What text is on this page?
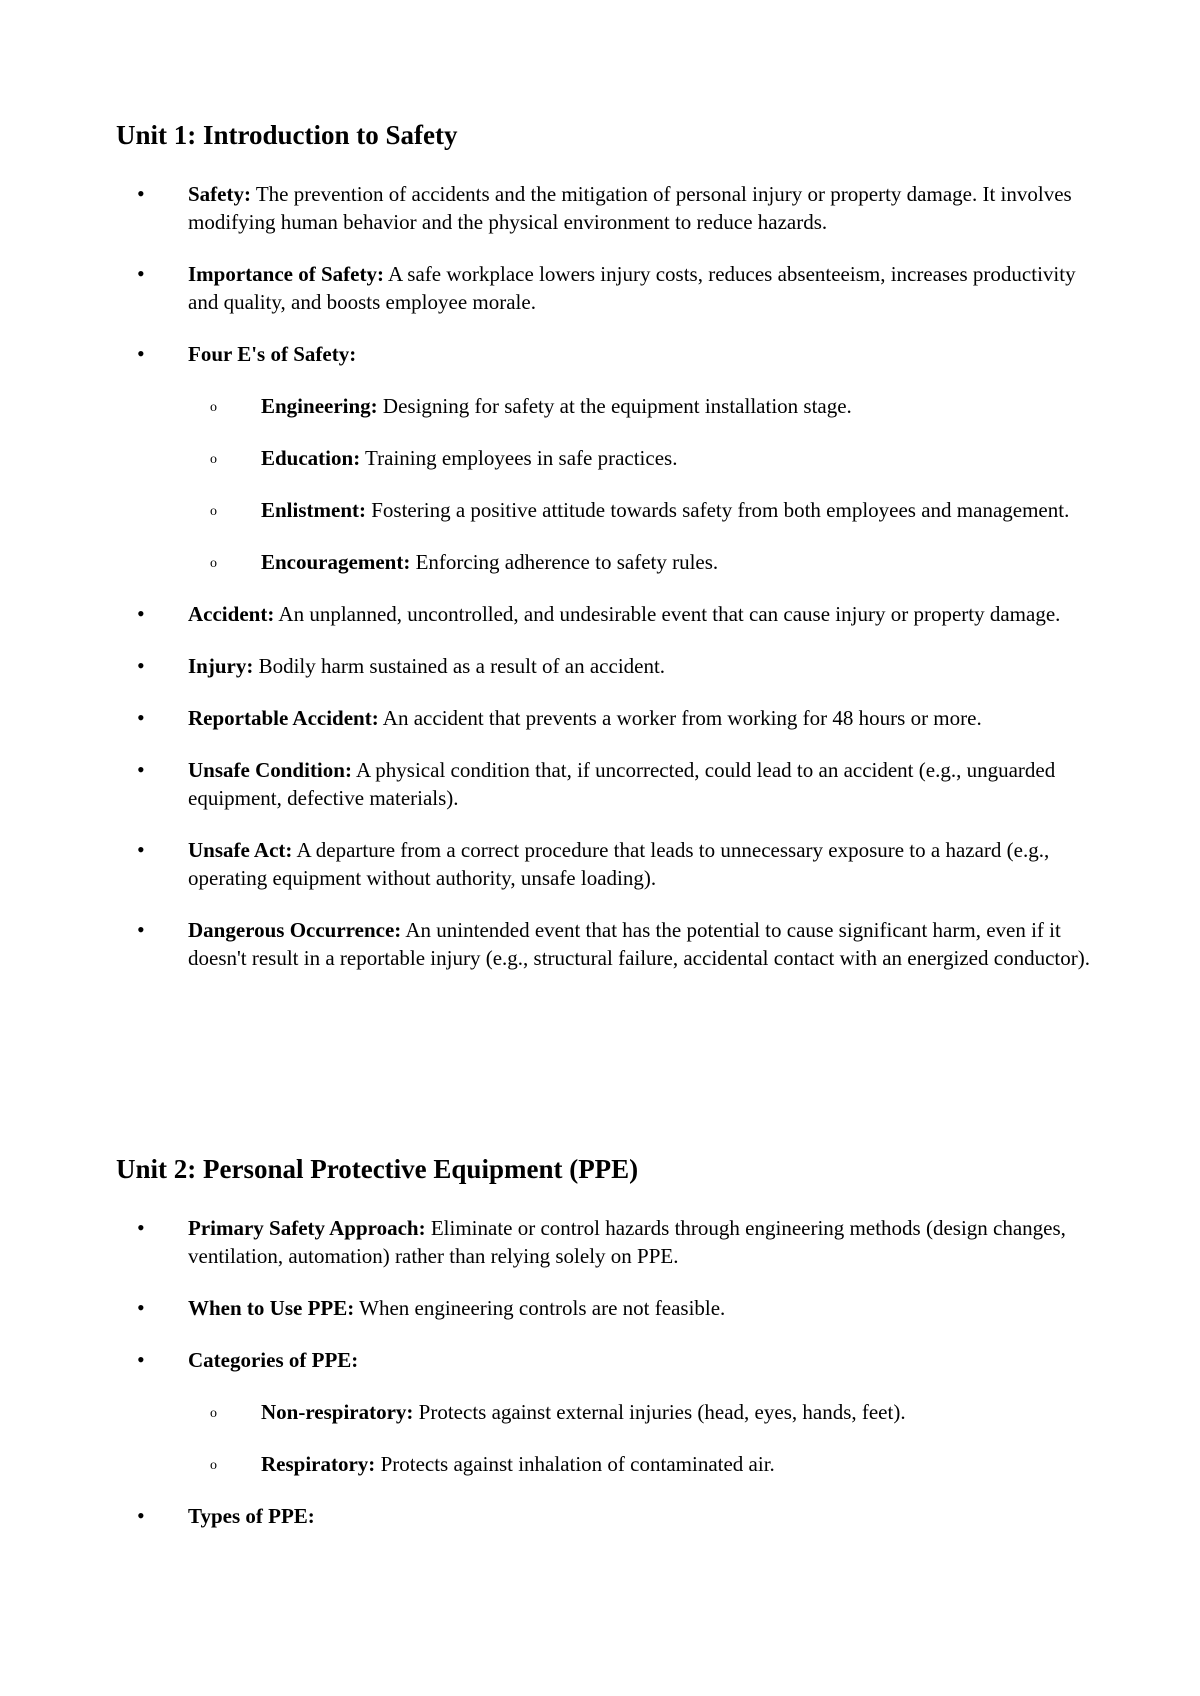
Unit 1: Introduction to Safety
•	Safety: The prevention of accidents and the mitigation of personal injury or property damage. It involves modifying human behavior and the physical environment to reduce hazards.
•	Importance of Safety: A safe workplace lowers injury costs, reduces absenteeism, increases productivity and quality, and boosts employee morale.
•	Four E's of Safety:
o Engineering: Designing for safety at the equipment installation stage.
o Education: Training employees in safe practices.
o Enlistment: Fostering a positive attitude towards safety from both employees and management.
o Encouragement: Enforcing adherence to safety rules.
•	Accident: An unplanned, uncontrolled, and undesirable event that can cause injury or property damage.
•	Injury: Bodily harm sustained as a result of an accident.
•	Reportable Accident: An accident that prevents a worker from working for 48 hours or more.
•	Unsafe Condition: A physical condition that, if uncorrected, could lead to an accident (e.g., unguarded equipment, defective materials).
•	Unsafe Act: A departure from a correct procedure that leads to unnecessary exposure to a hazard (e.g., operating equipment without authority, unsafe loading).
•	Dangerous Occurrence: An unintended event that has the potential to cause significant harm, even if it doesn't result in a reportable injury (e.g., structural failure, accidental contact with an energized conductor).
Unit 2: Personal Protective Equipment (PPE)
•	Primary Safety Approach: Eliminate or control hazards through engineering methods (design changes, ventilation, automation) rather than relying solely on PPE.
•	When to Use PPE: When engineering controls are not feasible.
•	Categories of PPE:
o Non-respiratory: Protects against external injuries (head, eyes, hands, feet).
o Respiratory: Protects against inhalation of contaminated air.
•	Types of PPE:
